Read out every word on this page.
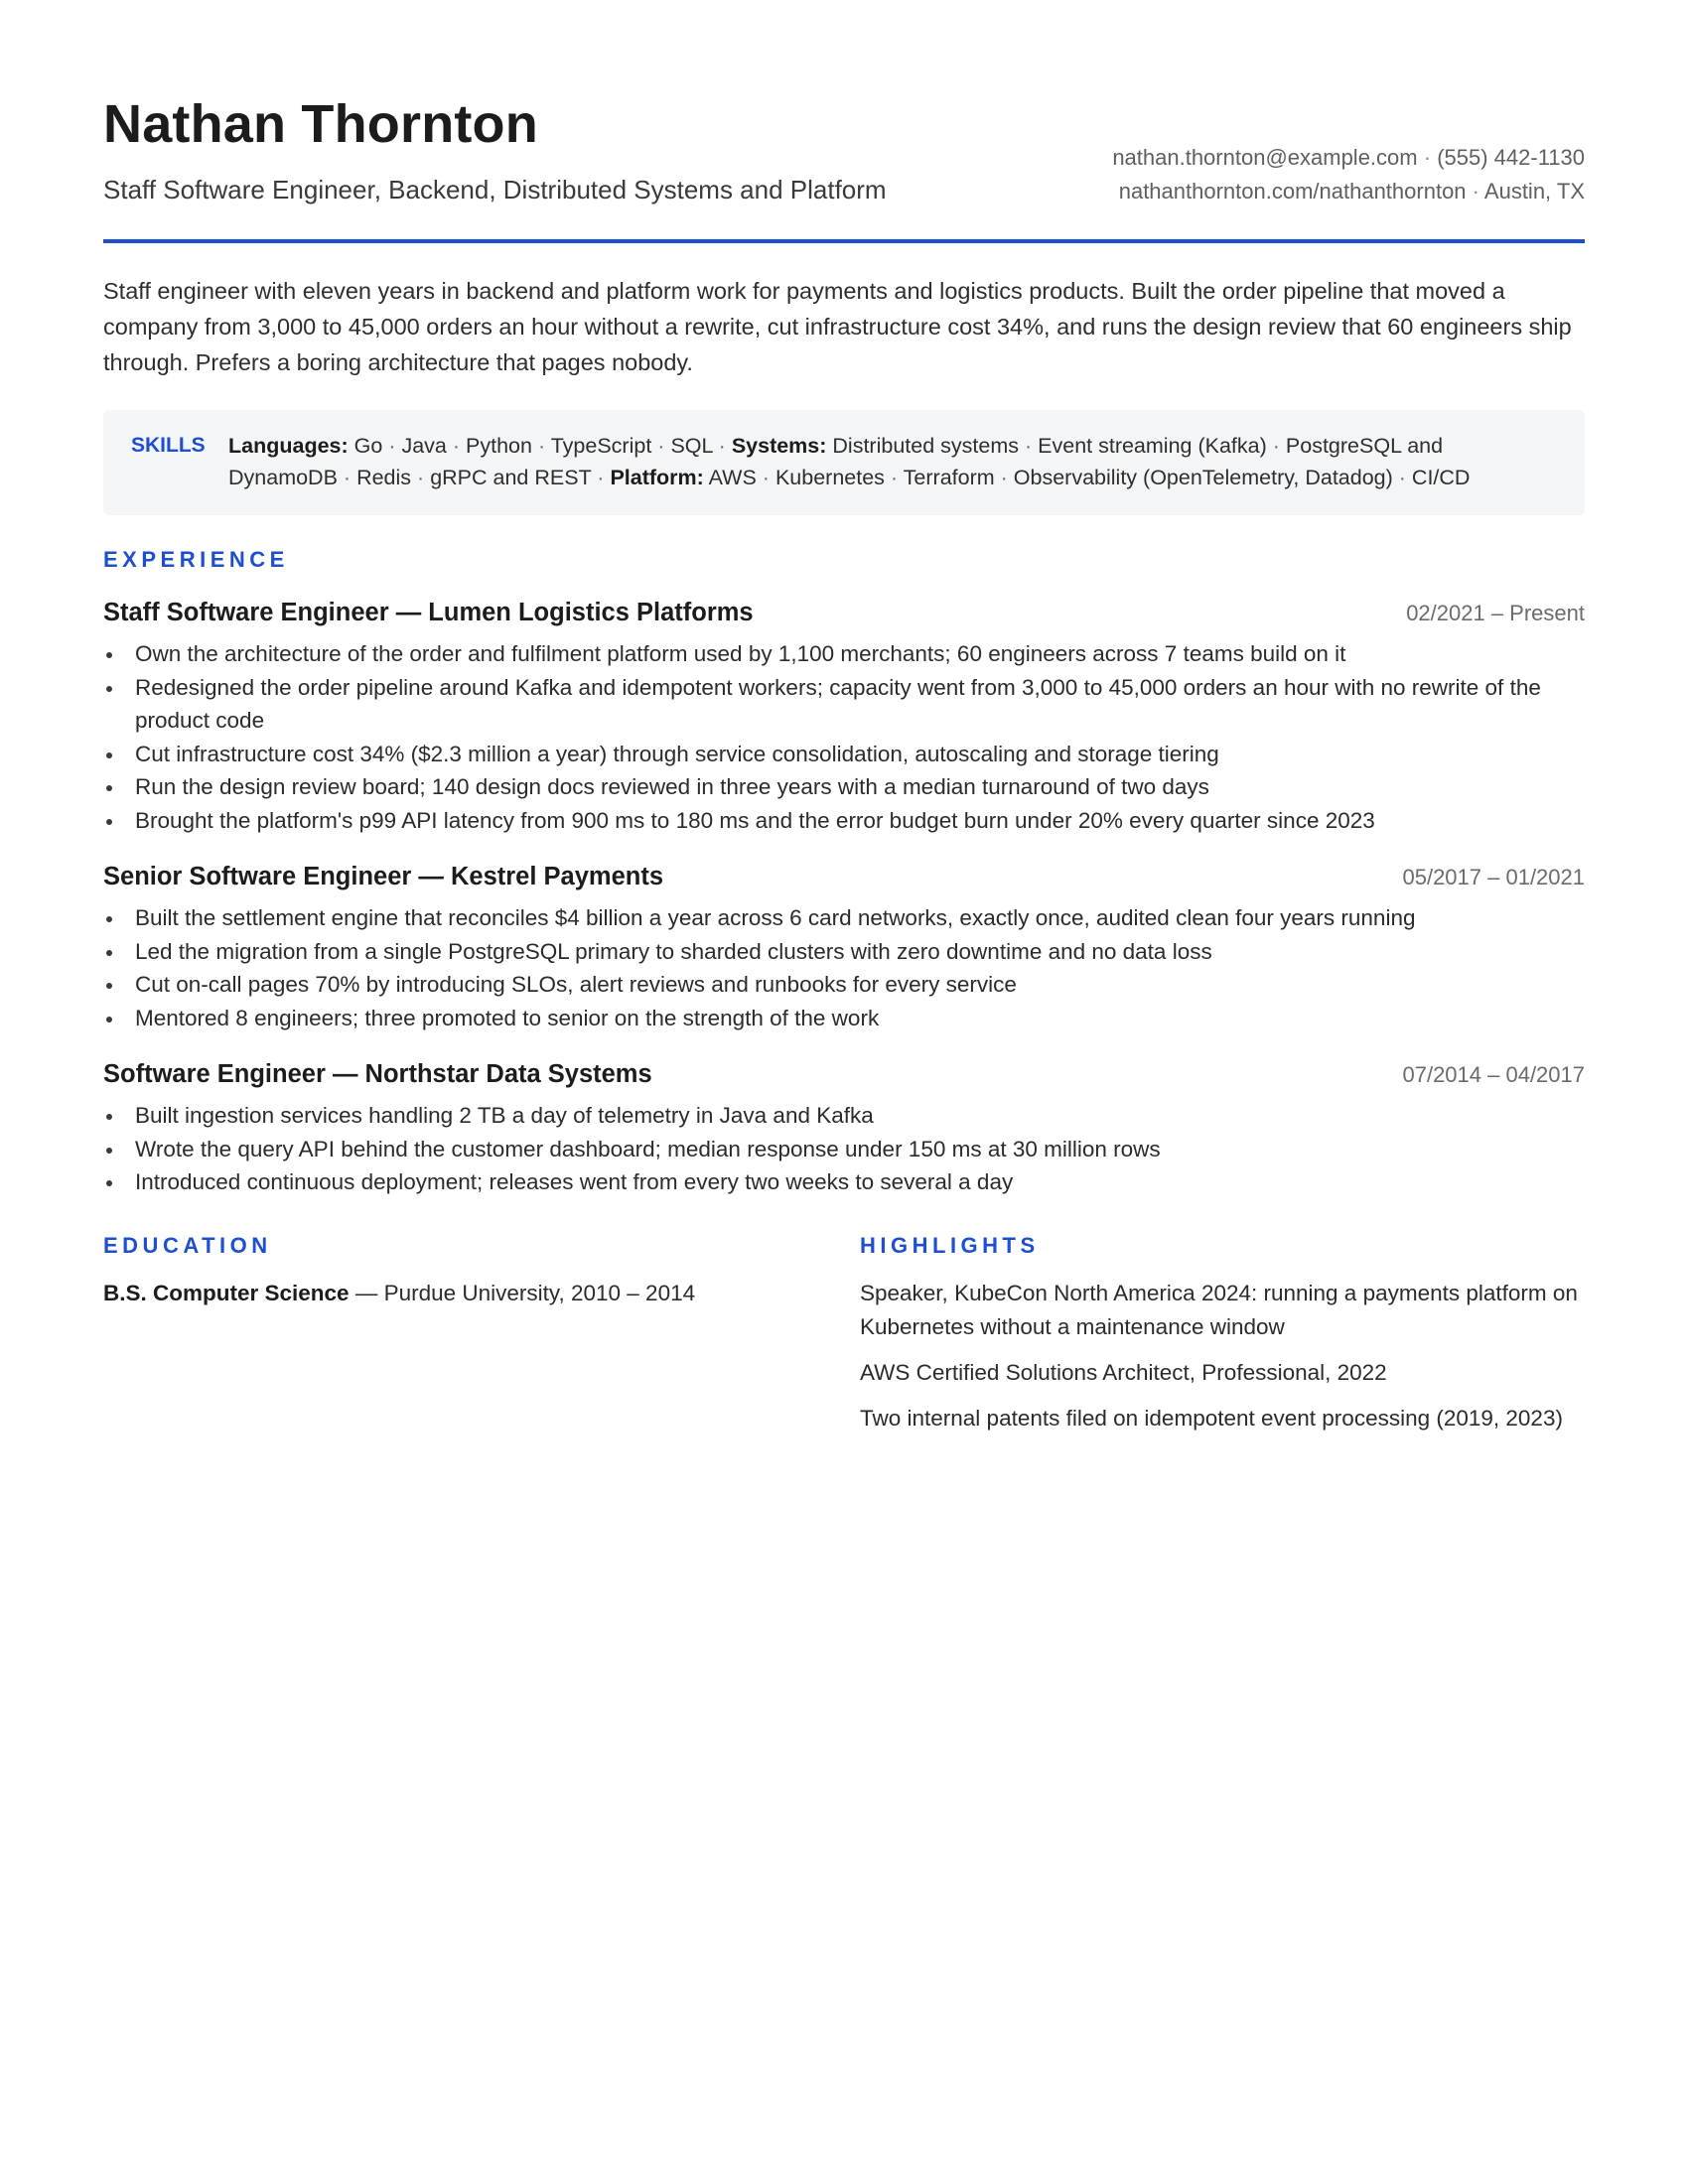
Nathan Thornton
Staff Software Engineer, Backend, Distributed Systems and Platform
nathan.thornton@example.com · (555) 442-1130
nathanthornton.com/nathanthornton · Austin, TX

Staff engineer with eleven years in backend and platform work for payments and logistics products. Built the order pipeline that moved a company from 3,000 to 45,000 orders an hour without a rewrite, cut infrastructure cost 34%, and runs the design review that 60 engineers ship through. Prefers a boring architecture that pages nobody.

SKILLS	Languages: Go · Java · Python · TypeScript · SQL · Systems: Distributed systems · Event streaming (Kafka) · PostgreSQL and DynamoDB · Redis · gRPC and REST · Platform: AWS · Kubernetes · Terraform · Observability (OpenTelemetry, Datadog) · CI/CD
EXPERIENCE
Staff Software Engineer — Lumen Logistics Platforms	02/2021 – Present
Own the architecture of the order and fulfilment platform used by 1,100 merchants; 60 engineers across 7 teams build on it
Redesigned the order pipeline around Kafka and idempotent workers; capacity went from 3,000 to 45,000 orders an hour with no rewrite of the product code
Cut infrastructure cost 34% ($2.3 million a year) through service consolidation, autoscaling and storage tiering
Run the design review board; 140 design docs reviewed in three years with a median turnaround of two days
Brought the platform's p99 API latency from 900 ms to 180 ms and the error budget burn under 20% every quarter since 2023
Senior Software Engineer — Kestrel Payments	05/2017 – 01/2021
Built the settlement engine that reconciles $4 billion a year across 6 card networks, exactly once, audited clean four years running
Led the migration from a single PostgreSQL primary to sharded clusters with zero downtime and no data loss
Cut on-call pages 70% by introducing SLOs, alert reviews and runbooks for every service
Mentored 8 engineers; three promoted to senior on the strength of the work
Software Engineer — Northstar Data Systems	07/2014 – 04/2017
Built ingestion services handling 2 TB a day of telemetry in Java and Kafka
Wrote the query API behind the customer dashboard; median response under 150 ms at 30 million rows
Introduced continuous deployment; releases went from every two weeks to several a day
EDUCATION
B.S. Computer Science — Purdue University, 2010 – 2014
HIGHLIGHTS
Speaker, KubeCon North America 2024: running a payments platform on Kubernetes without a maintenance window
AWS Certified Solutions Architect, Professional, 2022
Two internal patents filed on idempotent event processing (2019, 2023)
